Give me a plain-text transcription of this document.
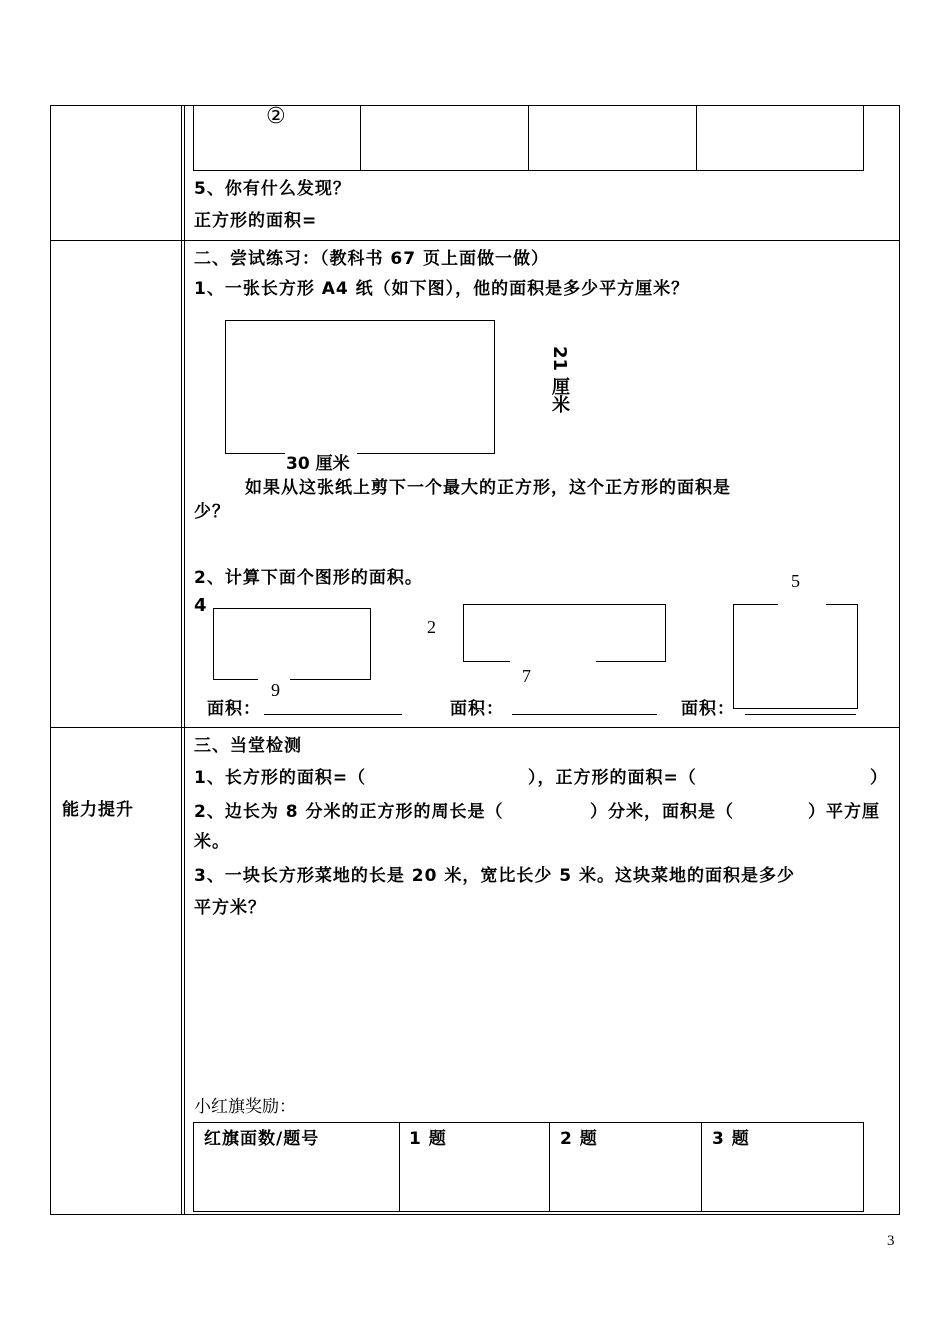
②
5、你有什么发现？
正方形的面积=
二、尝试练习：（教科书 67 页上面做一做）
1、一张长方形 A4 纸（如下图），他的面积是多少平方厘米？
30 厘米
21 厘米
如果从这张纸上剪下一个最大的正方形，这个正方形的面积是
少？
2、计算下面个图形的面积。
4
9
面积：
2
7
面积：
5
面积：
能力提升
三、当堂检测
1、长方形的面积=（	），正方形的面积=（	）
2、边长为 8 分米的正方形的周长是（	）分米，面积是（	）平方厘
米。
3、一块长方形菜地的长是 20 米，宽比长少 5 米。这块菜地的面积是多少
平方米？
小红旗奖励：
红旗面数/题号	1 题	2 题	3 题
3
